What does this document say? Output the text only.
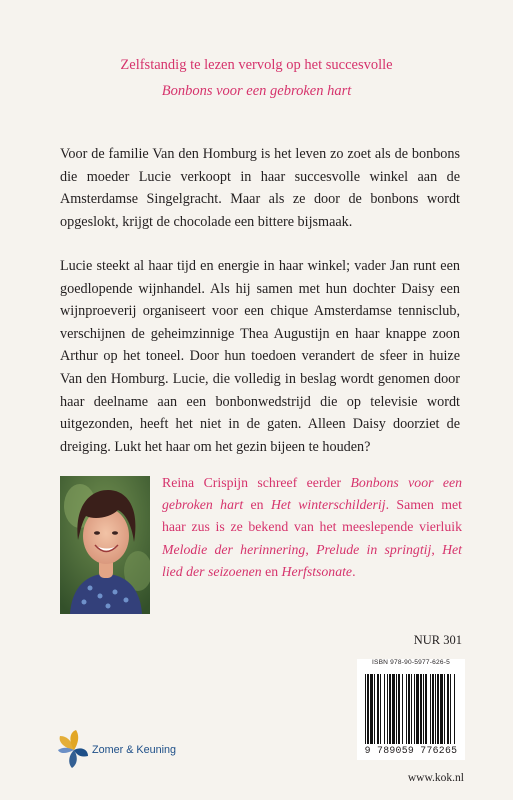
Zelfstandig te lezen vervolg op het succesvolle
Bonbons voor een gebroken hart

Voor de familie Van den Homburg is het leven zo zoet als de bonbons die moeder Lucie verkoopt in haar succesvolle winkel aan de Amsterdamse Singelgracht. Maar als ze door de bonbons wordt opgeslokt, krijgt de chocolade een bittere bijsmaak.

Lucie steekt al haar tijd en energie in haar winkel; vader Jan runt een goedlopende wijnhandel. Als hij samen met hun dochter Daisy een wijnproeverij organiseert voor een chique Amsterdamse tennisclub, verschijnen de geheimzinnige Thea Augustijn en haar knappe zoon Arthur op het toneel. Door hun toedoen verandert de sfeer in huize Van den Homburg. Lucie, die volledig in beslag wordt genomen door haar deelname aan een bonbonwedstrijd die op televisie wordt uitgezonden, heeft het niet in de gaten. Alleen Daisy doorziet de dreiging. Lukt het haar om het gezin bijeen te houden?

Reina Crispijn schreef eerder Bonbons voor een gebroken hart en Het winterschilderij. Samen met haar zus is ze bekend van het meeslepende vierluik Melodie der herinnering, Prelude in springtij, Het lied der seizoenen en Herfstsonate.

NUR 301
ISBN 978-90-5977-626-5
9 789059 776265
Zomer & Keuning
www.kok.nl
